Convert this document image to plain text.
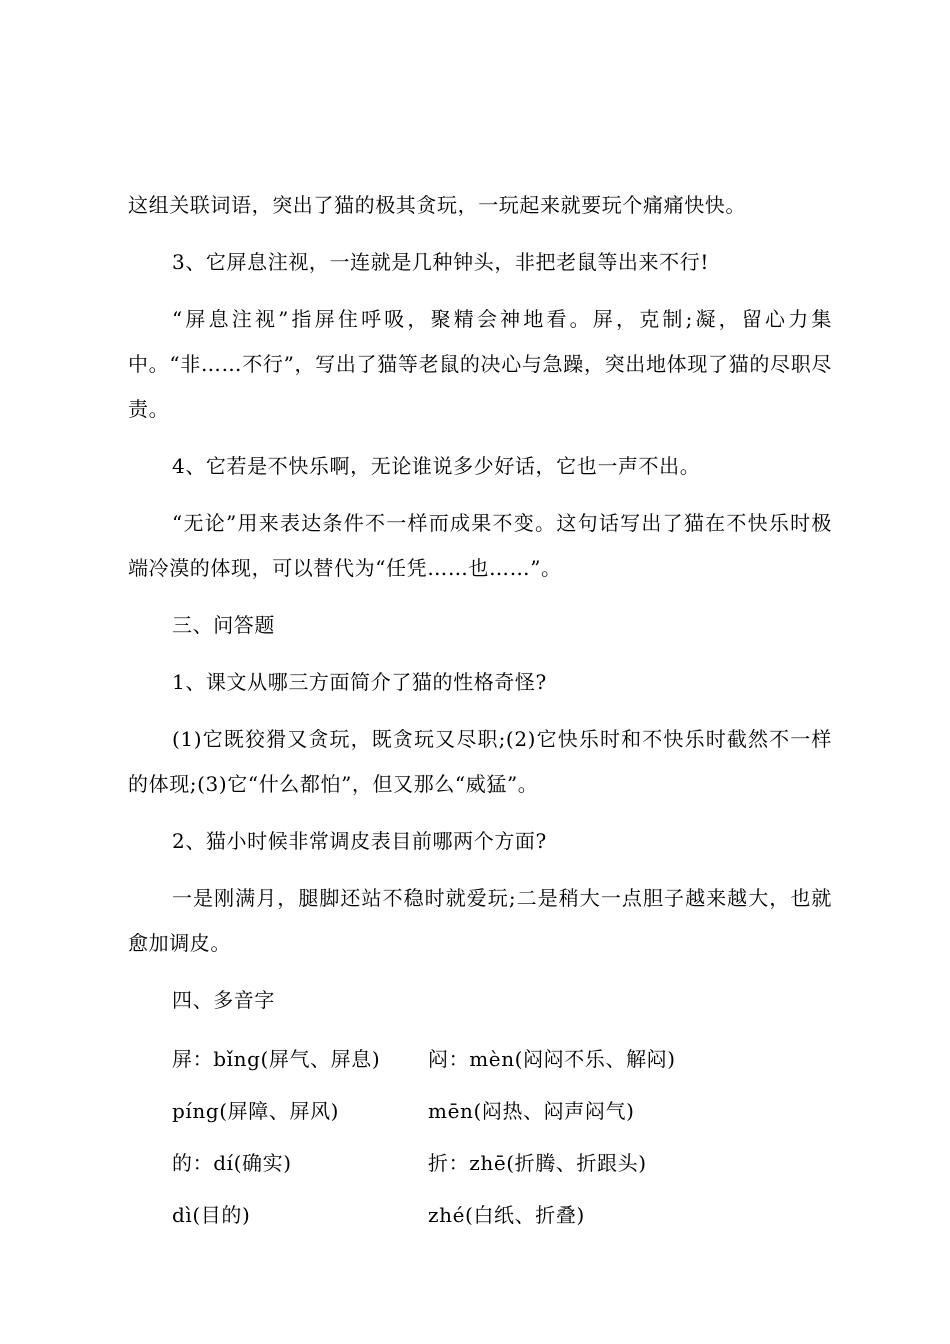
这组关联词语，突出了猫的极其贪玩，一玩起来就要玩个痛痛快快。

3、它屏息注视，一连就是几种钟头，非把老鼠等出来不行!

“屏息注视”指屏住呼吸，聚精会神地看。屏，克制;凝，留心力集中。“非……不行”，写出了猫等老鼠的决心与急躁，突出地体现了猫的尽职尽责。

4、它若是不快乐啊，无论谁说多少好话，它也一声不出。

“无论”用来表达条件不一样而成果不变。这句话写出了猫在不快乐时极端冷漠的体现，可以替代为“任凭……也……”。

三、问答题

1、课文从哪三方面简介了猫的性格奇怪?

(1)它既狡猾又贪玩，既贪玩又尽职;(2)它快乐时和不快乐时截然不一样的体现;(3)它“什么都怕”，但又那么“威猛”。

2、猫小时候非常调皮表目前哪两个方面?

一是刚满月，腿脚还站不稳时就爱玩;二是稍大一点胆子越来越大，也就愈加调皮。

四、多音字

屏：bǐng(屏气、屏息)	闷：mèn(闷闷不乐、解闷)
píng(屏障、屏风)	mēn(闷热、闷声闷气)
的：dí(确实)	折：zhē(折腾、折跟头)
dì(目的)	zhé(白纸、折叠)
